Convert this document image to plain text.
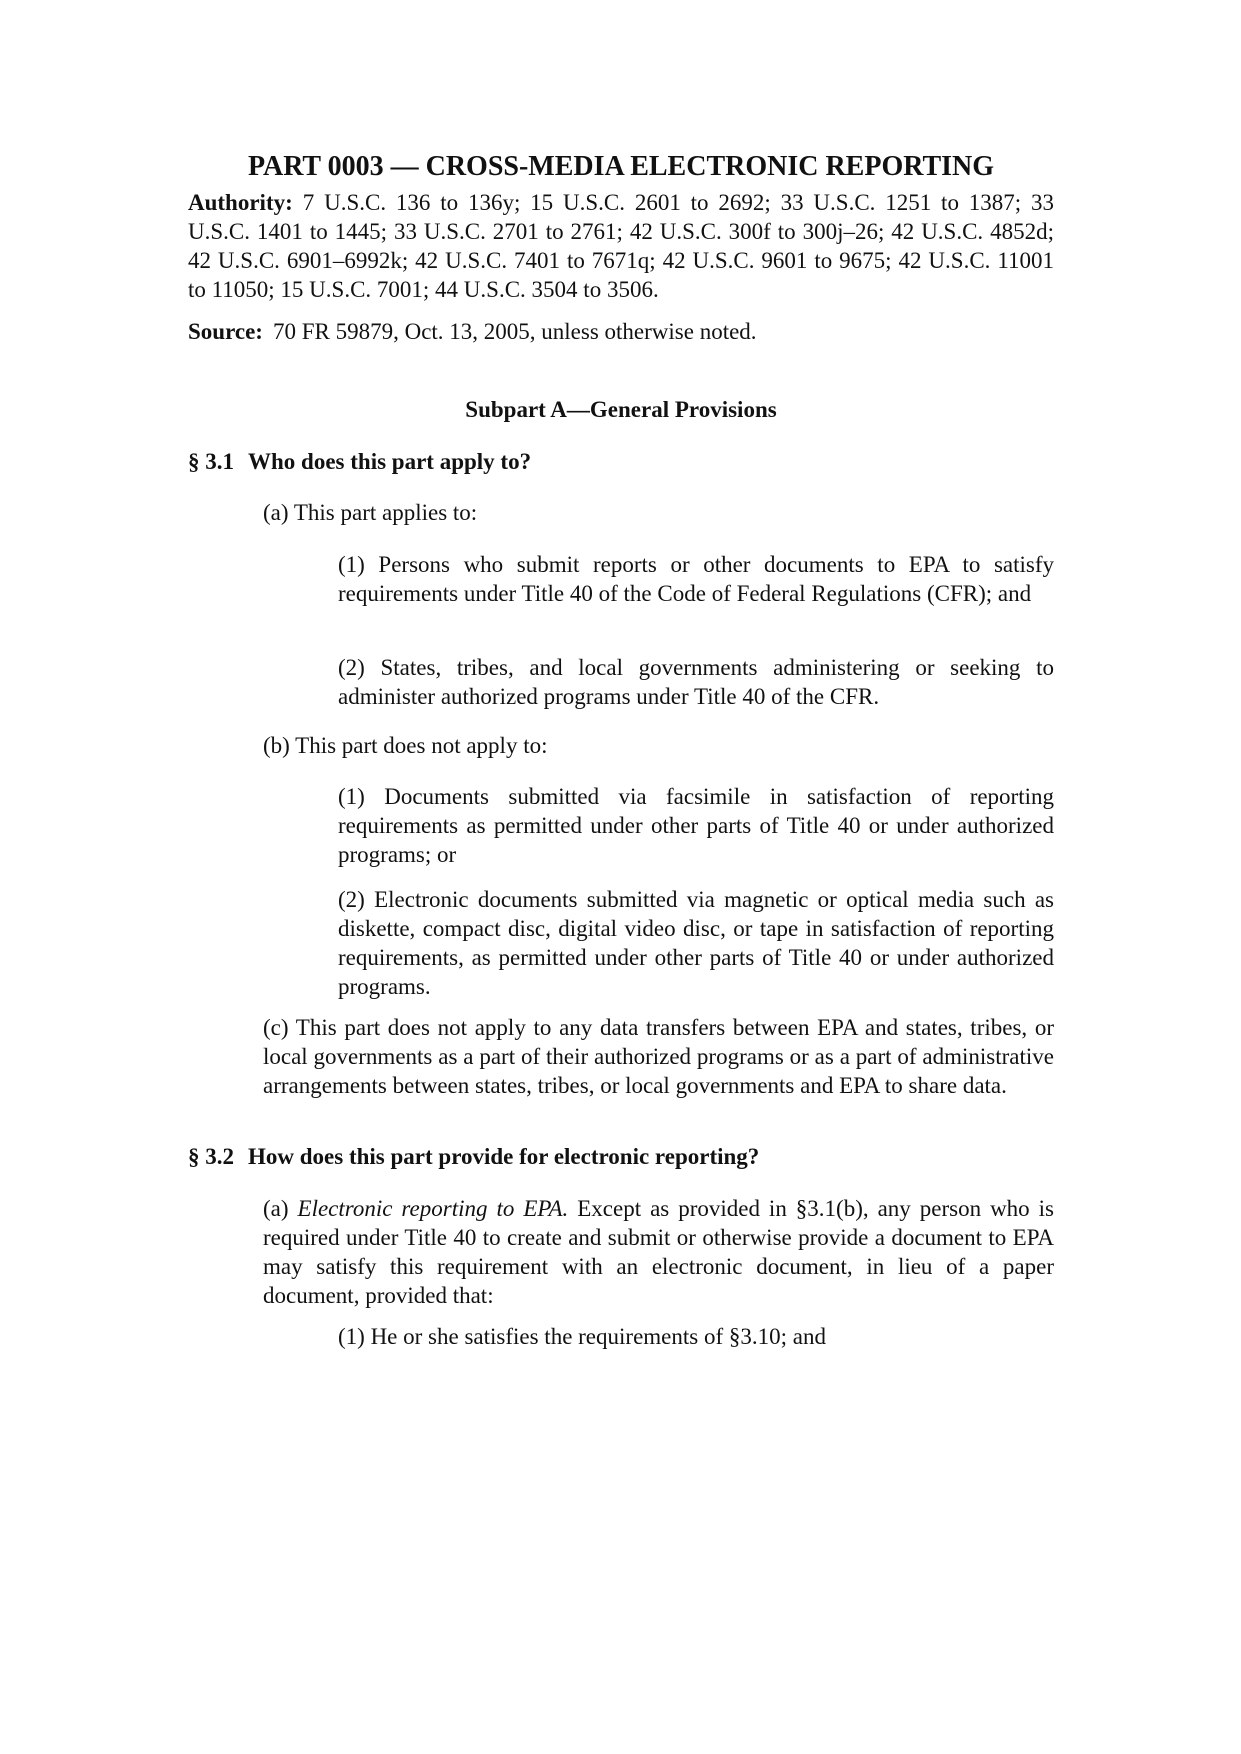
PART 0003 — CROSS-MEDIA ELECTRONIC REPORTING

Authority: 7 U.S.C. 136 to 136y; 15 U.S.C. 2601 to 2692; 33 U.S.C. 1251 to 1387; 33 U.S.C. 1401 to 1445; 33 U.S.C. 2701 to 2761; 42 U.S.C. 300f to 300j–26; 42 U.S.C. 4852d; 42 U.S.C. 6901–6992k; 42 U.S.C. 7401 to 7671q; 42 U.S.C. 9601 to 9675; 42 U.S.C. 11001 to 11050; 15 U.S.C. 7001; 44 U.S.C. 3504 to 3506.

Source: 70 FR 59879, Oct. 13, 2005, unless otherwise noted.

Subpart A—General Provisions
§ 3.1 Who does this part apply to?

(a) This part applies to:

(1) Persons who submit reports or other documents to EPA to satisfy requirements under Title 40 of the Code of Federal Regulations (CFR); and

(2) States, tribes, and local governments administering or seeking to administer authorized programs under Title 40 of the CFR.

(b) This part does not apply to:

(1) Documents submitted via facsimile in satisfaction of reporting requirements as permitted under other parts of Title 40 or under authorized programs; or

(2) Electronic documents submitted via magnetic or optical media such as diskette, compact disc, digital video disc, or tape in satisfaction of reporting requirements, as permitted under other parts of Title 40 or under authorized programs.

(c) This part does not apply to any data transfers between EPA and states, tribes, or local governments as a part of their authorized programs or as a part of administrative arrangements between states, tribes, or local governments and EPA to share data.

§ 3.2 How does this part provide for electronic reporting?

(a) Electronic reporting to EPA. Except as provided in §3.1(b), any person who is required under Title 40 to create and submit or otherwise provide a document to EPA may satisfy this requirement with an electronic document, in lieu of a paper document, provided that:

(1) He or she satisfies the requirements of §3.10; and
